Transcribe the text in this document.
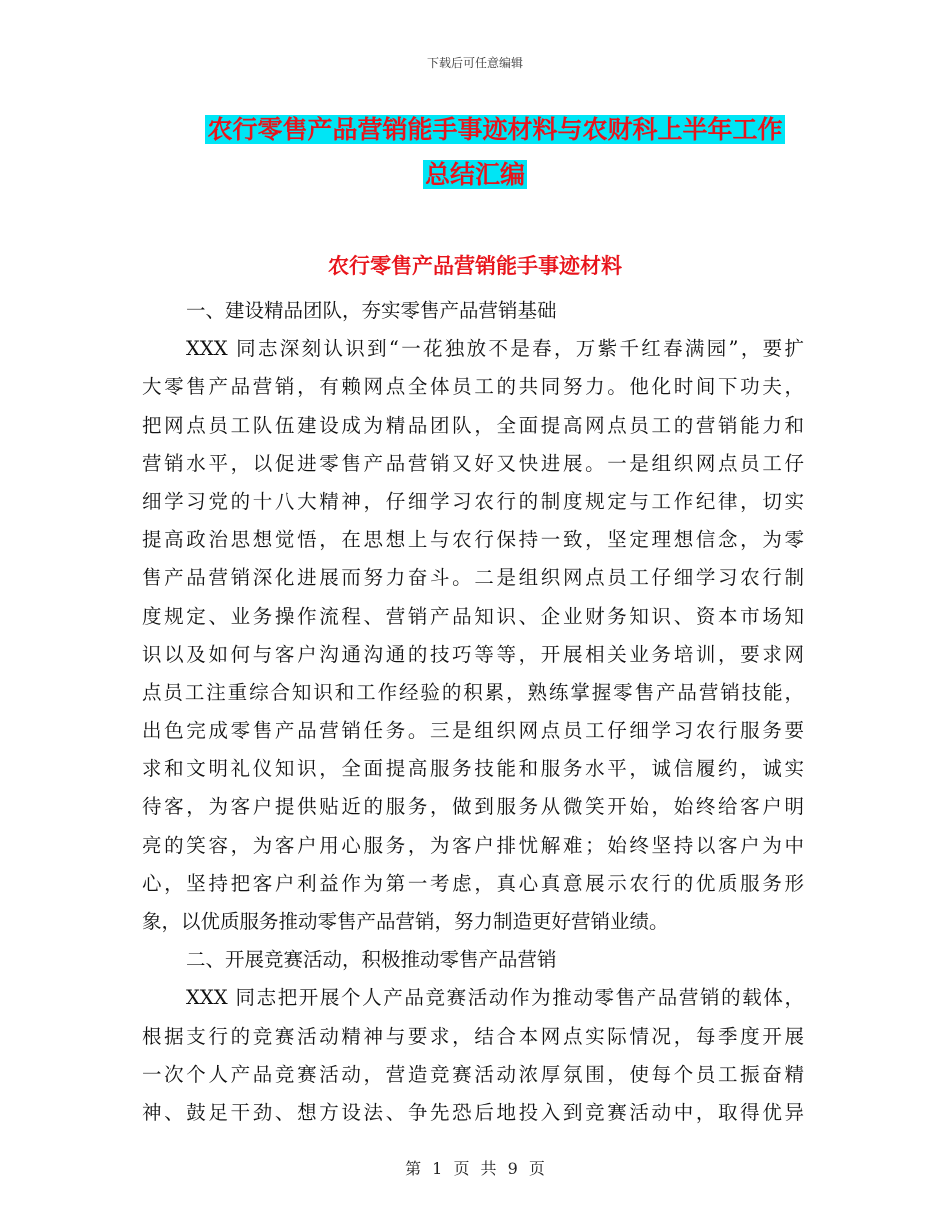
下载后可任意编辑
农行零售产品营销能手事迹材料与农财科上半年工作
总结汇编
农行零售产品营销能手事迹材料
一、建设精品团队，夯实零售产品营销基础
XXX 同志深刻认识到“一花独放不是春，万紫千红春满园”，要扩
大零售产品营销，有赖网点全体员工的共同努力。他化时间下功夫，
把网点员工队伍建设成为精品团队，全面提高网点员工的营销能力和
营销水平，以促进零售产品营销又好又快进展。一是组织网点员工仔
细学习党的十八大精神，仔细学习农行的制度规定与工作纪律，切实
提高政治思想觉悟，在思想上与农行保持一致，坚定理想信念，为零
售产品营销深化进展而努力奋斗。二是组织网点员工仔细学习农行制
度规定、业务操作流程、营销产品知识、企业财务知识、资本市场知
识以及如何与客户沟通沟通的技巧等等，开展相关业务培训，要求网
点员工注重综合知识和工作经验的积累，熟练掌握零售产品营销技能，
出色完成零售产品营销任务。三是组织网点员工仔细学习农行服务要
求和文明礼仪知识，全面提高服务技能和服务水平，诚信履约，诚实
待客，为客户提供贴近的服务，做到服务从微笑开始，始终给客户明
亮的笑容，为客户用心服务，为客户排忧解难；始终坚持以客户为中
心，坚持把客户利益作为第一考虑，真心真意展示农行的优质服务形
象，以优质服务推动零售产品营销，努力制造更好营销业绩。
二、开展竞赛活动，积极推动零售产品营销
XXX 同志把开展个人产品竞赛活动作为推动零售产品营销的载体，
根据支行的竞赛活动精神与要求，结合本网点实际情况，每季度开展
一次个人产品竞赛活动，营造竞赛活动浓厚氛围，使每个员工振奋精
神、鼓足干劲、想方设法、争先恐后地投入到竞赛活动中，取得优异
第 1 页 共 9 页
